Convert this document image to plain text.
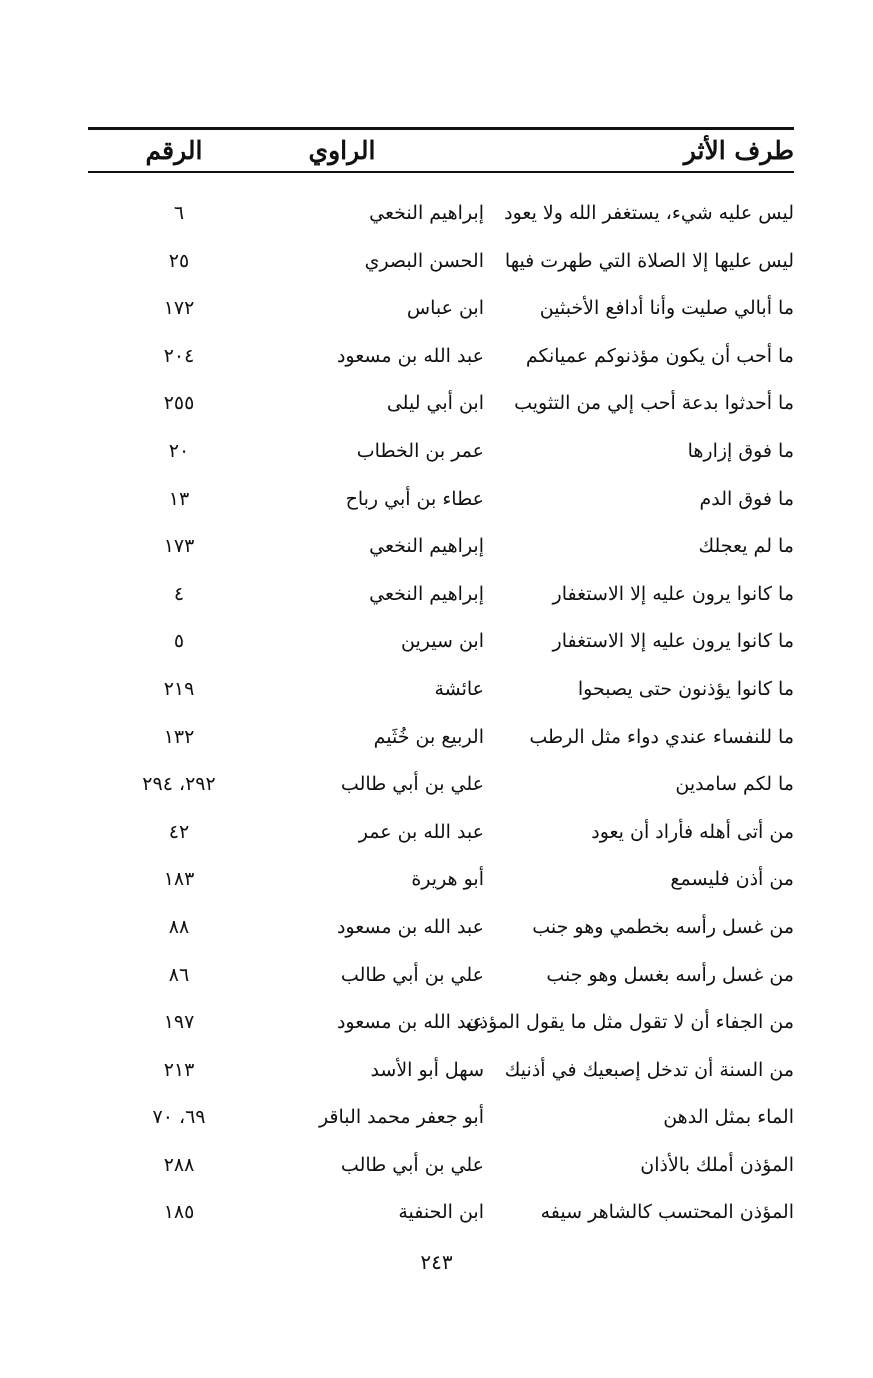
طرف الأثر
الراوي
الرقم
ليس عليه شيء، يستغفر الله ولا يعود
إبراهيم النخعي
٦
ليس عليها إلا الصلاة التي طهرت فيها
الحسن البصري
٢٥
ما أبالي صليت وأنا أدافع الأخبثين
ابن عباس
١٧٢
ما أحب أن يكون مؤذنوكم عميانكم
عبد الله بن مسعود
٢٠٤
ما أحدثوا بدعة أحب إلي من التثويب
ابن أبي ليلى
٢٥٥
ما فوق إزارها
عمر بن الخطاب
٢٠
ما فوق الدم
عطاء بن أبي رباح
١٣
ما لم يعجلك
إبراهيم النخعي
١٧٣
ما كانوا يرون عليه إلا الاستغفار
إبراهيم النخعي
٤
ما كانوا يرون عليه إلا الاستغفار
ابن سيرين
٥
ما كانوا يؤذنون حتى يصبحوا
عائشة
٢١٩
ما للنفساء عندي دواء مثل الرطب
الربيع بن خُثَيم
١٣٢
ما لكم سامدين
علي بن أبي طالب
٢٩٢، ٢٩٤
من أتى أهله فأراد أن يعود
عبد الله بن عمر
٤٢
من أذن فليسمع
أبو هريرة
١٨٣
من غسل رأسه بخطمي وهو جنب
عبد الله بن مسعود
٨٨
من غسل رأسه بغسل وهو جنب
علي بن أبي طالب
٨٦
من الجفاء أن لا تقول مثل ما يقول المؤذن
عبد الله بن مسعود
١٩٧
من السنة أن تدخل إصبعيك في أذنيك
سهل أبو الأسد
٢١٣
الماء بمثل الدهن
أبو جعفر محمد الباقر
٦٩، ٧٠
المؤذن أملك بالأذان
علي بن أبي طالب
٢٨٨
المؤذن المحتسب كالشاهر سيفه
ابن الحنفية
١٨٥
٢٤٣
